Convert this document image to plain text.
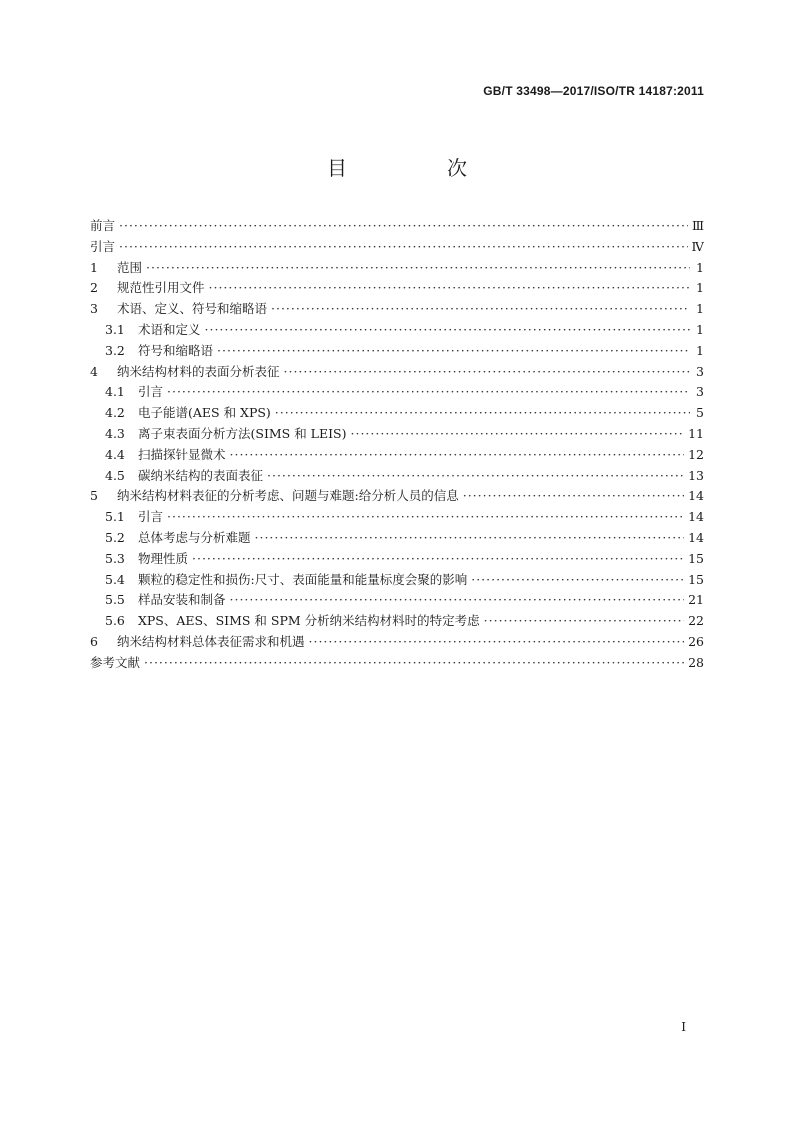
GB/T 33498—2017/ISO/TR 14187:2011
目　次
前言 ·····	Ⅲ
引言 ·····	Ⅳ
1	范围 ·····	1
2	规范性引用文件 ·····	1
3	术语、定义、符号和缩略语 ·····	1
3.1	术语和定义 ·····	1
3.2	符号和缩略语 ·····	1
4	纳米结构材料的表面分析表征 ·····	3
4.1	引言 ·····	3
4.2	电子能谱(AES 和 XPS) ·····	5
4.3	离子束表面分析方法(SIMS 和 LEIS) ·····	11
4.4	扫描探针显微术 ·····	12
4.5	碳纳米结构的表面表征 ·····	13
5	纳米结构材料表征的分析考虑、问题与难题:给分析人员的信息 ·····	14
5.1	引言 ·····	14
5.2	总体考虑与分析难题 ·····	14
5.3	物理性质 ·····	15
5.4	颗粒的稳定性和损伤:尺寸、表面能量和能量标度会聚的影响 ·····	15
5.5	样品安装和制备 ·····	21
5.6	XPS、AES、SIMS 和 SPM 分析纳米结构材料时的特定考虑 ·····	22
6	纳米结构材料总体表征需求和机遇 ·····	26
参考文献 ·····	28
Ⅰ
